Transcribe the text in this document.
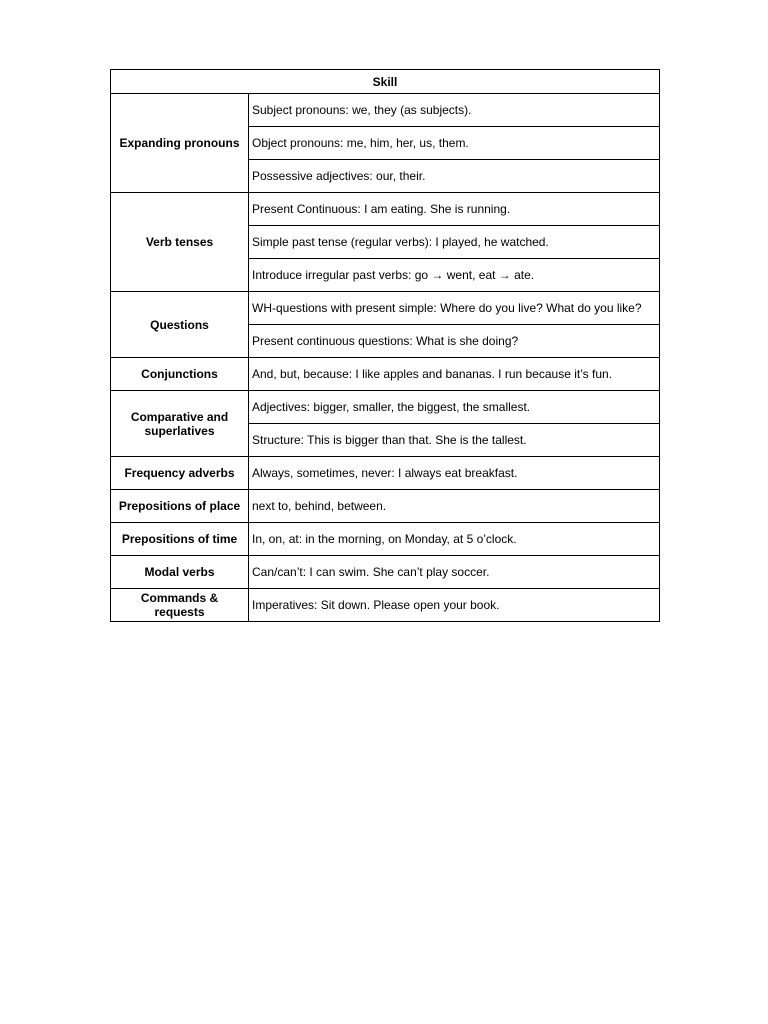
Skill	
Expanding pronouns	Subject pronouns: we, they (as subjects).
	Object pronouns: me, him, her, us, them.
	Possessive adjectives: our, their.
Verb tenses	Present Continuous: I am eating. She is running.
	Simple past tense (regular verbs): I played, he watched.
	Introduce irregular past verbs: go → went, eat → ate.
Questions	WH-questions with present simple: Where do you live? What do you like?
	Present continuous questions: What is she doing?
Conjunctions	And, but, because: I like apples and bananas. I run because it’s fun.
Comparative and superlatives	Adjectives: bigger, smaller, the biggest, the smallest.
	Structure: This is bigger than that. She is the tallest.
Frequency adverbs	Always, sometimes, never: I always eat breakfast.
Prepositions of place	next to, behind, between.
Prepositions of time	In, on, at: in the morning, on Monday, at 5 o’clock.
Modal verbs	Can/can’t: I can swim. She can’t play soccer.
Commands & requests	Imperatives: Sit down. Please open your book.
